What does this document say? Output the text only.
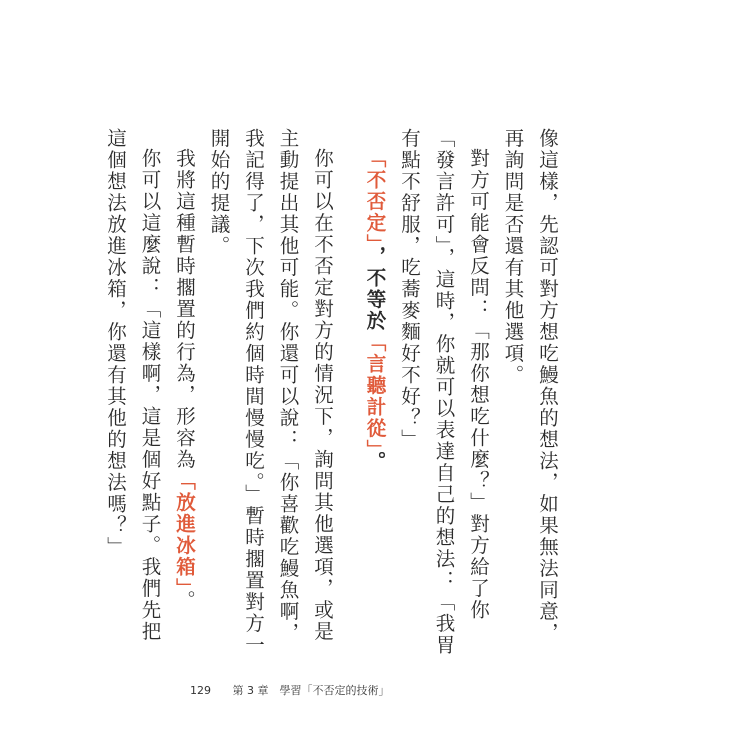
像這樣，先認可對方想吃鰻魚的想法，如果無法同意，再詢問是否還有其他選項。

對方可能會反問：「那你想吃什麼？」對方給了你「發言許可」，這時，你就可以表達自己的想法：「我胃有點不舒服，吃蕎麥麵好不好？」

「不否定」，不等於「言聽計從」。

你可以在不否定對方的情況下，詢問其他選項，或是主動提出其他可能。你還可以說：「你喜歡吃鰻魚啊，我記得了，下次我們約個時間慢慢吃。」暫時擱置對方一開始的提議。

我將這種暫時擱置的行為，形容為「放進冰箱」。

你可以這麼說：「這樣啊，這是個好點子。我們先把這個想法放進冰箱，你還有其他的想法嗎？」

129 第 3 章　學習「不否定的技術」
